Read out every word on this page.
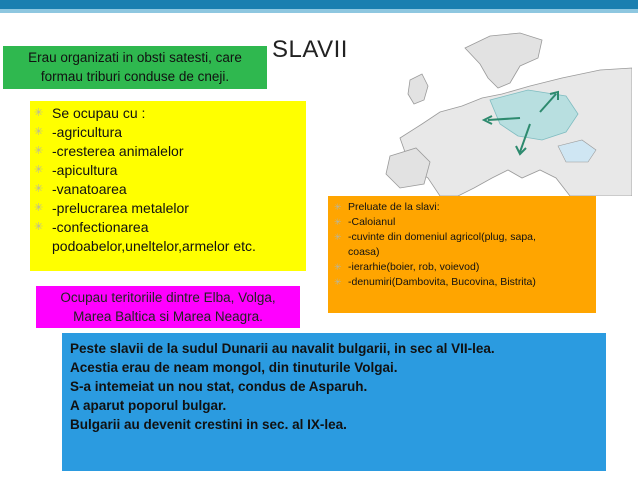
SLAVII
Erau organizati in obsti satesti, care
formau triburi conduse de cneji.
✳ Se ocupau cu :
✳ -agricultura
✳ -cresterea animalelor
✳ -apicultura
✳ -vanatoarea
✳ -prelucrarea metalelor
✳ -confectionarea
podoabelor,uneltelor,armelor etc.
✳ Preluate de la slavi:
✳ -Caloianul
✳ -cuvinte din domeniul agricol(plug, sapa,
coasa)
✳ -ierarhie(boier, rob, voievod)
✳ -denumiri(Dambovita, Bucovina, Bistrita)
Ocupau teritoriile dintre Elba, Volga,
Marea Baltica si Marea Neagra.
Peste slavii de la sudul Dunarii au navalit bulgarii, in sec al VII-lea.
Acestia erau de neam mongol, din tinuturile Volgai.
S-a intemeiat un nou stat, condus de Asparuh.
A aparut poporul bulgar.
Bulgarii au devenit crestini in sec. al IX-lea.
